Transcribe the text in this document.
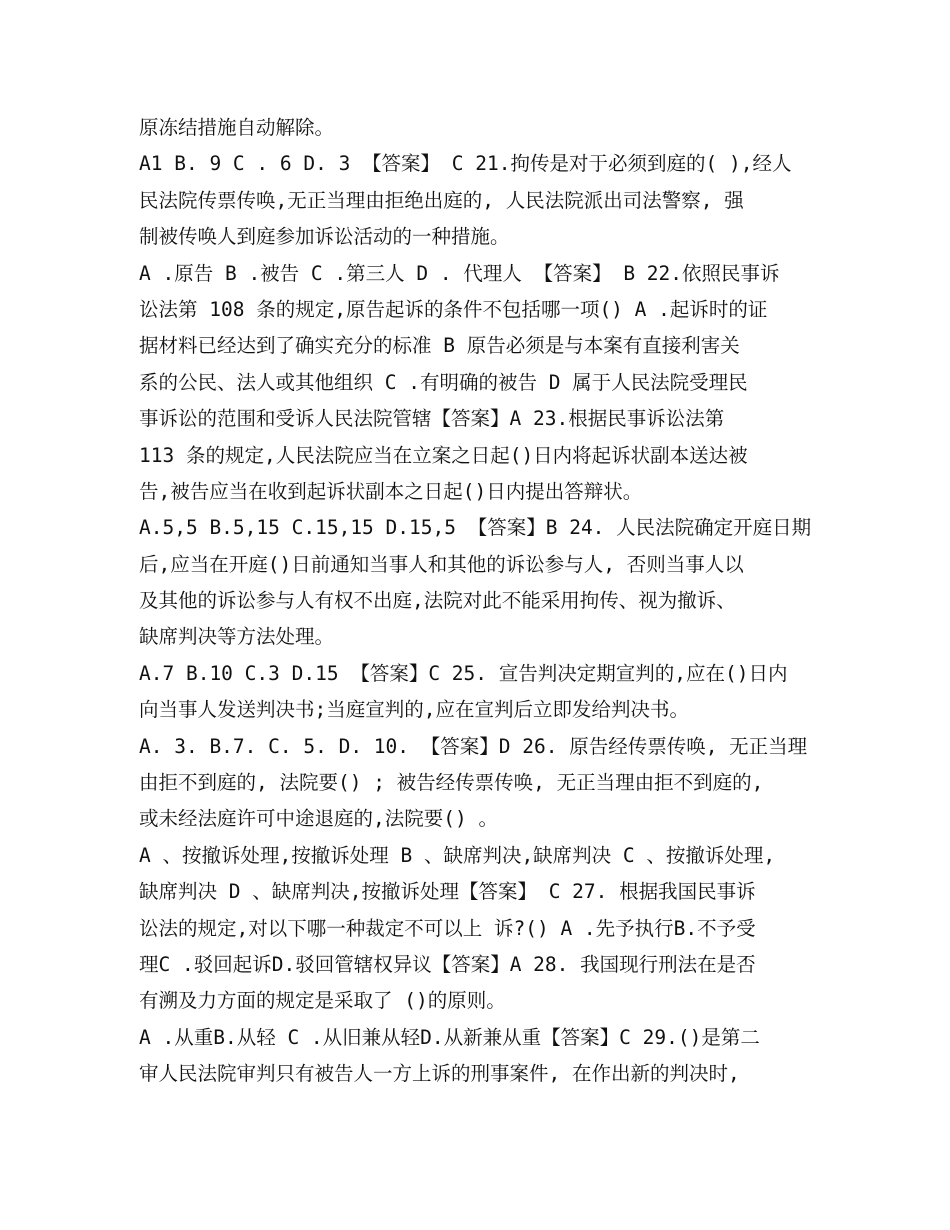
原冻结措施自动解除。
A1 B. 9 C . 6 D. 3 【答案】 C 21.拘传是对于必须到庭的( ),经人
民法院传票传唤,无正当理由拒绝出庭的, 人民法院派出司法警察, 强
制被传唤人到庭参加诉讼活动的一种措施。
A .原告 B .被告 C .第三人 D . 代理人 【答案】 B 22.依照民事诉
讼法第 108 条的规定,原告起诉的条件不包括哪一项() A .起诉时的证
据材料已经达到了确实充分的标准 B 原告必须是与本案有直接利害关
系的公民、法人或其他组织 C .有明确的被告 D 属于人民法院受理民
事诉讼的范围和受诉人民法院管辖【答案】A 23.根据民事诉讼法第
113 条的规定,人民法院应当在立案之日起()日内将起诉状副本送达被
告,被告应当在收到起诉状副本之日起()日内提出答辩状。
A.5,5 B.5,15 C.15,15 D.15,5 【答案】B 24. 人民法院确定开庭日期
后,应当在开庭()日前通知当事人和其他的诉讼参与人, 否则当事人以
及其他的诉讼参与人有权不出庭,法院对此不能采用拘传、视为撤诉、
缺席判决等方法处理。
A.7 B.10 C.3 D.15 【答案】C 25. 宣告判决定期宣判的,应在()日内
向当事人发送判决书;当庭宣判的,应在宣判后立即发给判决书。
A. 3. B.7. C. 5. D. 10. 【答案】D 26. 原告经传票传唤, 无正当理
由拒不到庭的, 法院要() ; 被告经传票传唤, 无正当理由拒不到庭的,
或未经法庭许可中途退庭的,法院要() 。
A 、按撤诉处理,按撤诉处理 B 、缺席判决,缺席判决 C 、按撤诉处理,
缺席判决 D 、缺席判决,按撤诉处理【答案】 C 27. 根据我国民事诉
讼法的规定,对以下哪一种裁定不可以上 诉?() A .先予执行B.不予受
理C .驳回起诉D.驳回管辖权异议【答案】A 28. 我国现行刑法在是否
有溯及力方面的规定是采取了 ()的原则。
A .从重B.从轻 C .从旧兼从轻D.从新兼从重【答案】C 29.()是第二
审人民法院审判只有被告人一方上诉的刑事案件, 在作出新的判决时,
